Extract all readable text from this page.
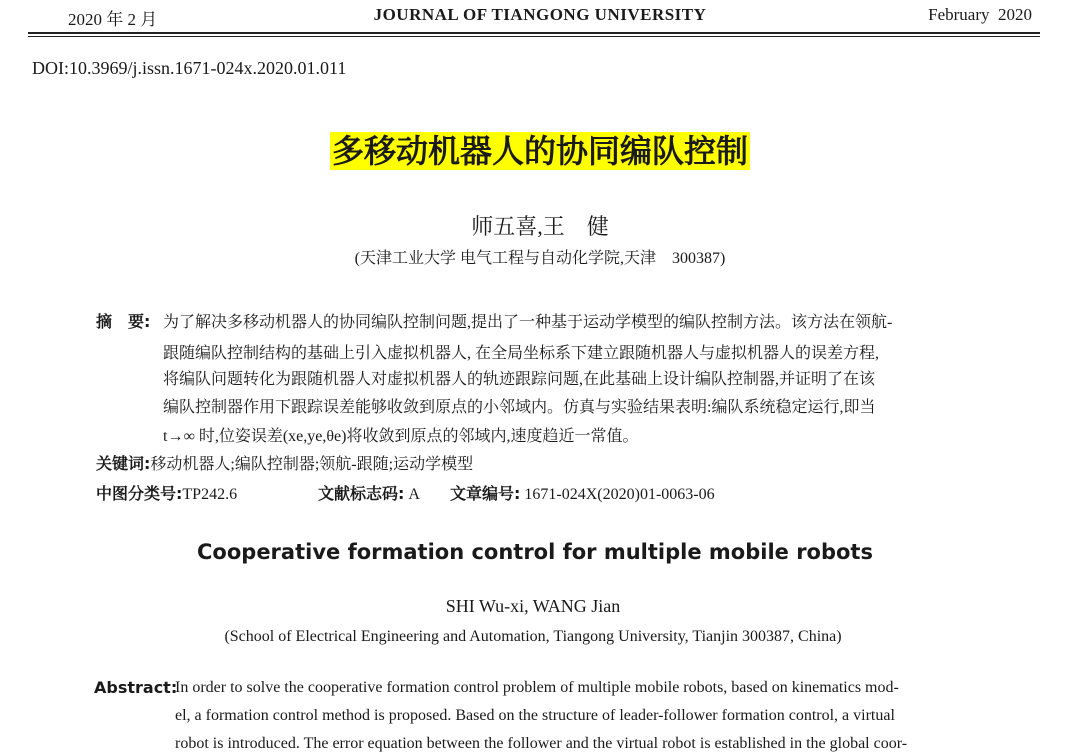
2020 年 2 月	JOURNAL OF TIANGONG UNIVERSITY	February  2020
DOI:10.3969/j.issn.1671-024x.2020.01.011
多移动机器人的协同编队控制
师五喜,王　健
(天津工业大学 电气工程与自动化学院,天津　300387)
摘　要: 为了解决多移动机器人的协同编队控制问题,提出了一种基于运动学模型的编队控制方法。该方法在领航-
跟随编队控制结构的基础上引入虚拟机器人, 在全局坐标系下建立跟随机器人与虚拟机器人的误差方程,
将编队问题转化为跟随机器人对虚拟机器人的轨迹跟踪问题,在此基础上设计编队控制器,并证明了在该
编队控制器作用下跟踪误差能够收敛到原点的小邻域内。仿真与实验结果表明:编队系统稳定运行,即当
t→∞ 时,位姿误差(xe,ye,θe)将收敛到原点的邻域内,速度趋近一常值。
关键词:移动机器人;编队控制器;领航-跟随;运动学模型
中图分类号:TP242.6	文献标志码: A 文章编号: 1671-024X(2020)01-0063-06
Cooperative formation control for multiple mobile robots
SHI Wu-xi, WANG Jian
(School of Electrical Engineering and Automation, Tiangong University, Tianjin 300387, China)
Abstract:
In order to solve the cooperative formation control problem of multiple mobile robots, based on kinematics mod-
el, a formation control method is proposed. Based on the structure of leader-follower formation control, a virtual
robot is introduced. The error equation between the follower and the virtual robot is established in the global coor-
